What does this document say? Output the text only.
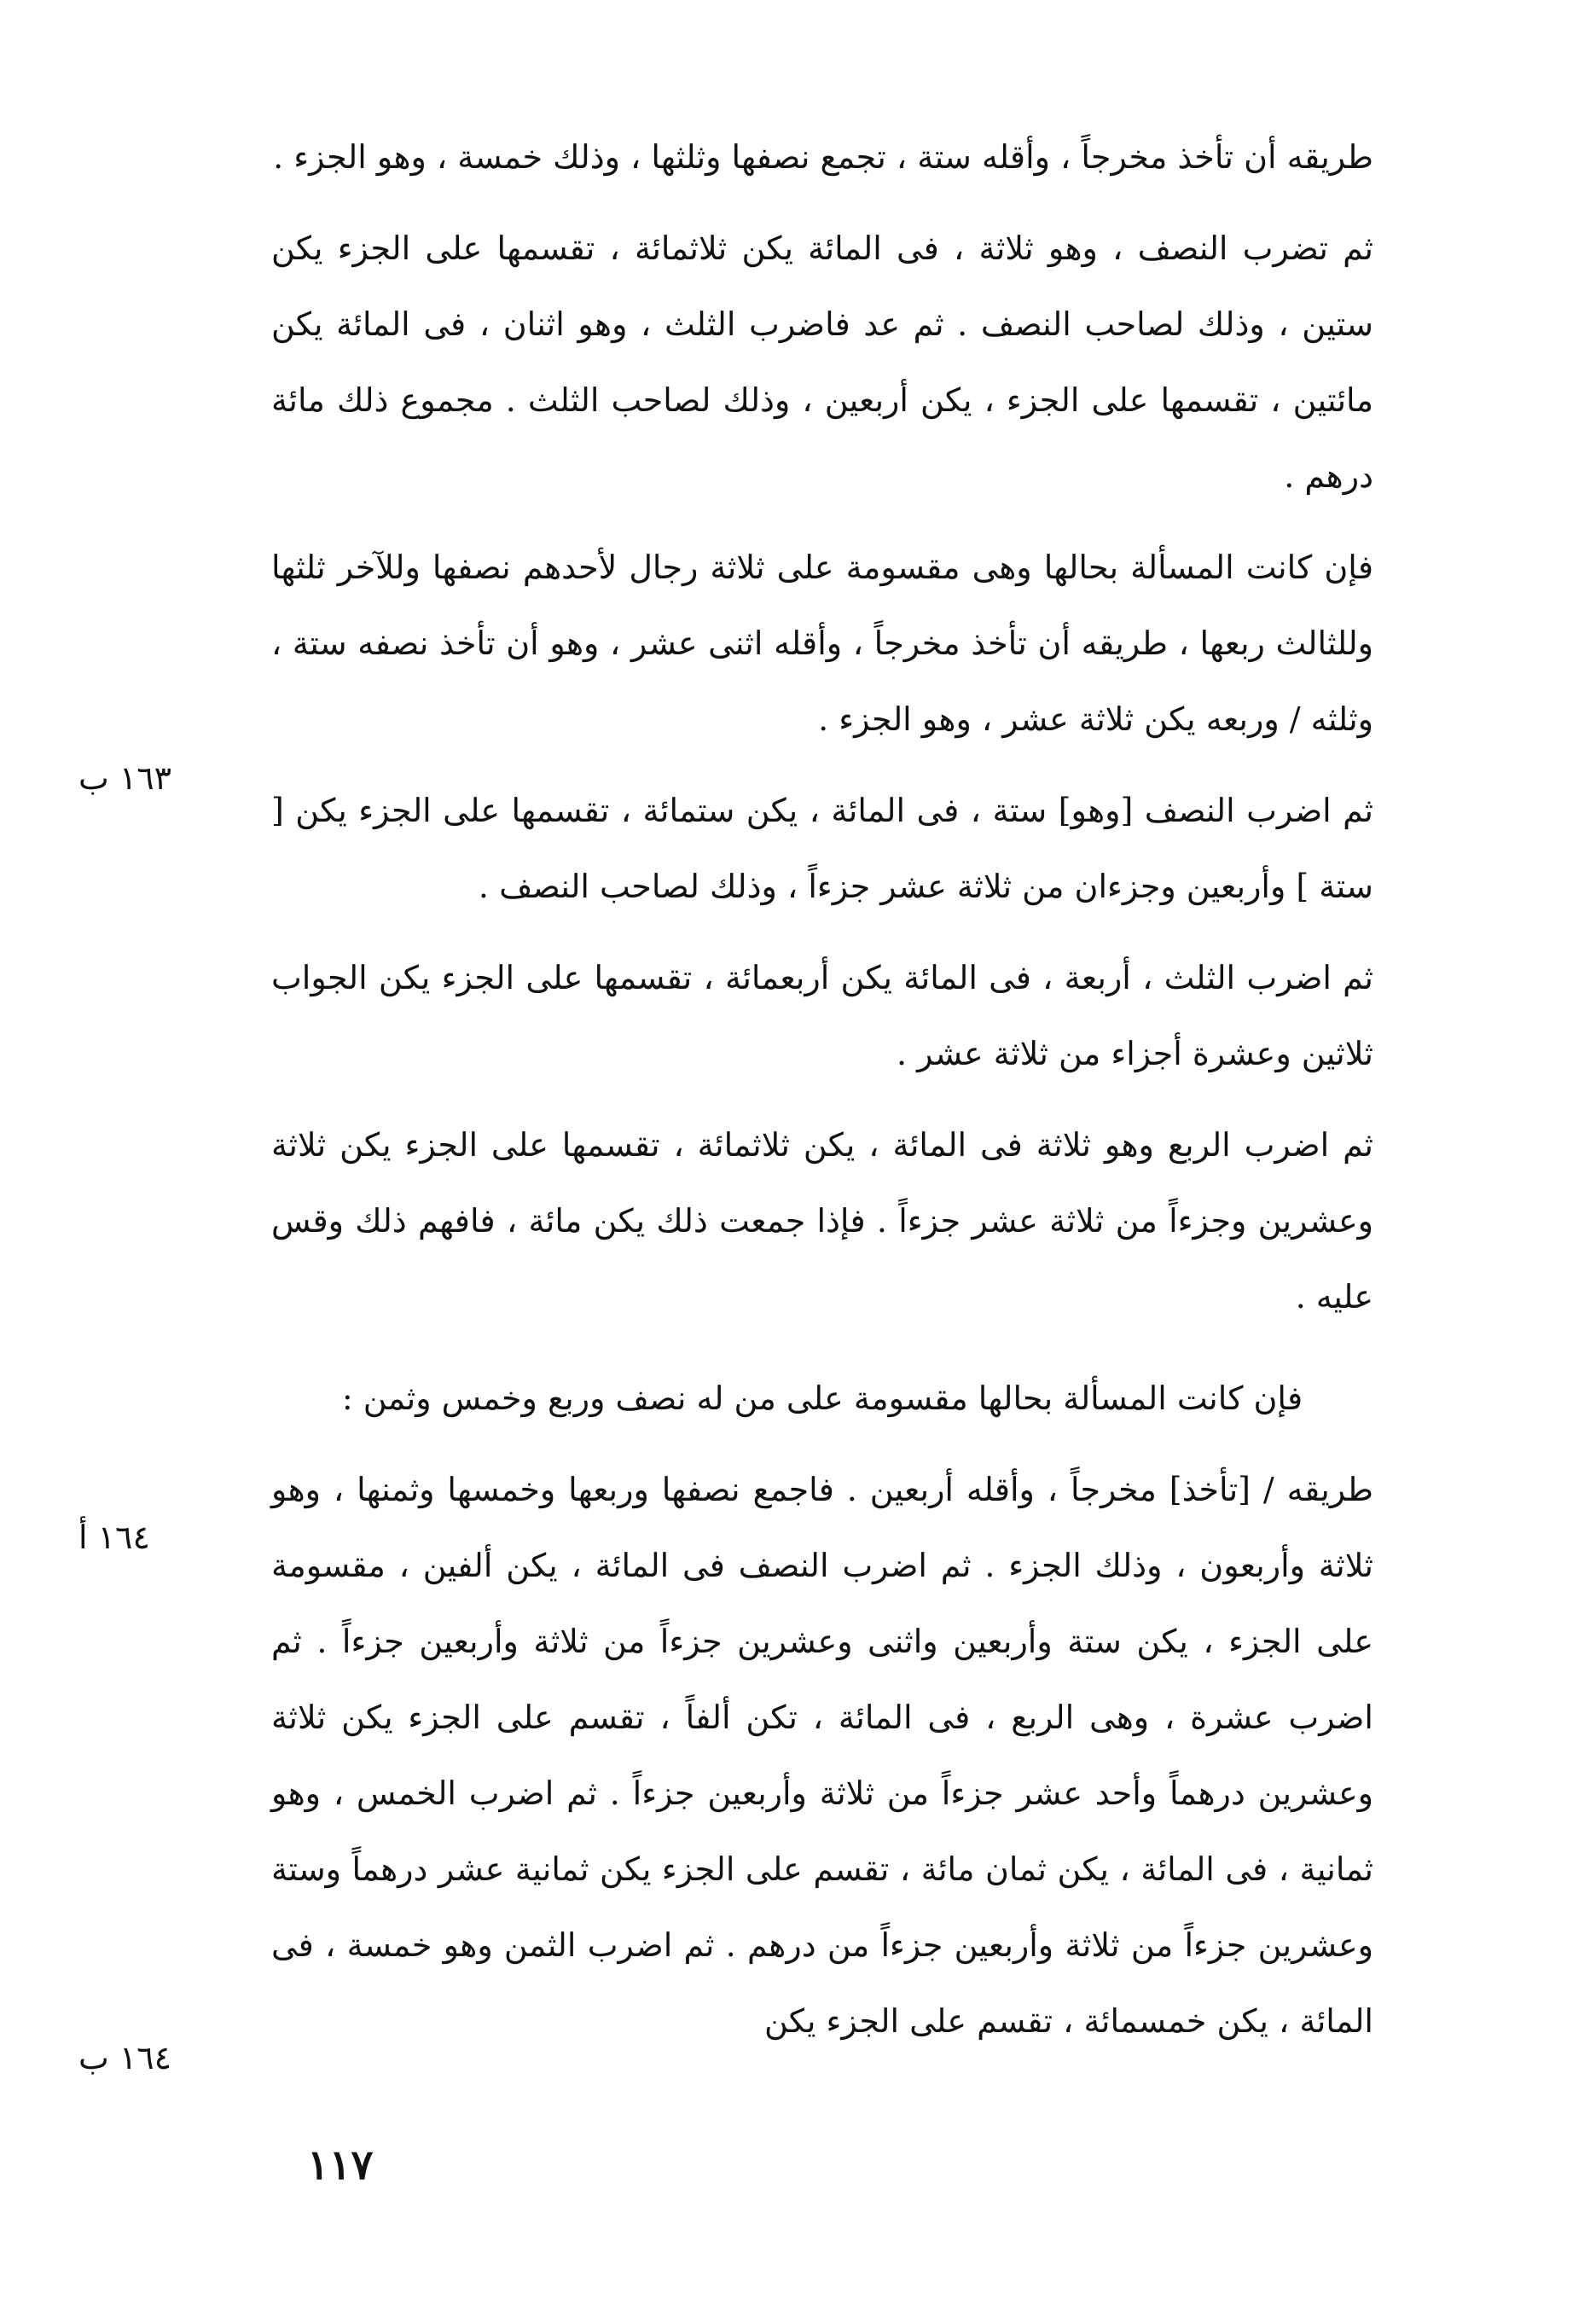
طريقه أن تأخذ مخرجاً ، وأقله ستة ، تجمع نصفها وثلثها ، وذلك خمسة ، وهو الجزء .

ثم تضرب النصف ، وهو ثلاثة ، فى المائة يكن ثلاثمائة ، تقسمها على الجزء يكن ستين ، وذلك لصاحب النصف . ثم عد فاضرب الثلث ، وهو اثنان ، فى المائة يكن مائتين ، تقسمها على الجزء ، يكن أربعين ، وذلك لصاحب الثلث . مجموع ذلك مائة درهم .

فإن كانت المسألة بحالها وهى مقسومة على ثلاثة رجال لأحدهم نصفها وللآخر ثلثها وللثالث ربعها ، طريقه أن تأخذ مخرجاً ، وأقله اثنى عشر ، وهو أن تأخذ نصفه ستة ، وثلثه / وربعه يكن ثلاثة عشر ، وهو الجزء .

ثم اضرب النصف [وهو] ستة ، فى المائة ، يكن ستمائة ، تقسمها على الجزء يكن [ ستة ] وأربعين وجزءان من ثلاثة عشر جزءاً ، وذلك لصاحب النصف .

ثم اضرب الثلث ، أربعة ، فى المائة يكن أربعمائة ، تقسمها على الجزء يكن الجواب ثلاثين وعشرة أجزاء من ثلاثة عشر .

ثم اضرب الربع وهو ثلاثة فى المائة ، يكن ثلاثمائة ، تقسمها على الجزء يكن ثلاثة وعشرين وجزءاً من ثلاثة عشر جزءاً . فإذا جمعت ذلك يكن مائة ، فافهم ذلك وقس عليه .

فإن كانت المسألة بحالها مقسومة على من له نصف وربع وخمس وثمن :

طريقه / [تأخذ] مخرجاً ، وأقله أربعين . فاجمع نصفها وربعها وخمسها وثمنها ، وهو ثلاثة وأربعون ، وذلك الجزء . ثم اضرب النصف فى المائة ، يكن ألفين ، مقسومة على الجزء ، يكن ستة وأربعين واثنى وعشرين جزءاً من ثلاثة وأربعين جزءاً . ثم اضرب عشرة ، وهى الربع ، فى المائة ، تكن ألفاً ، تقسم على الجزء يكن ثلاثة وعشرين درهماً وأحد عشر جزءاً من ثلاثة وأربعين جزءاً . ثم اضرب الخمس ، وهو ثمانية ، فى المائة ، يكن ثمان مائة ، تقسم على الجزء يكن ثمانية عشر درهماً وستة وعشرين جزءاً من ثلاثة وأربعين جزءاً من درهم . ثم اضرب الثمن وهو خمسة ، فى المائة ، يكن خمسمائة ، تقسم على الجزء يكن

١٦٣ ب
١٦٤ أ
١٦٤ ب
١١٧
